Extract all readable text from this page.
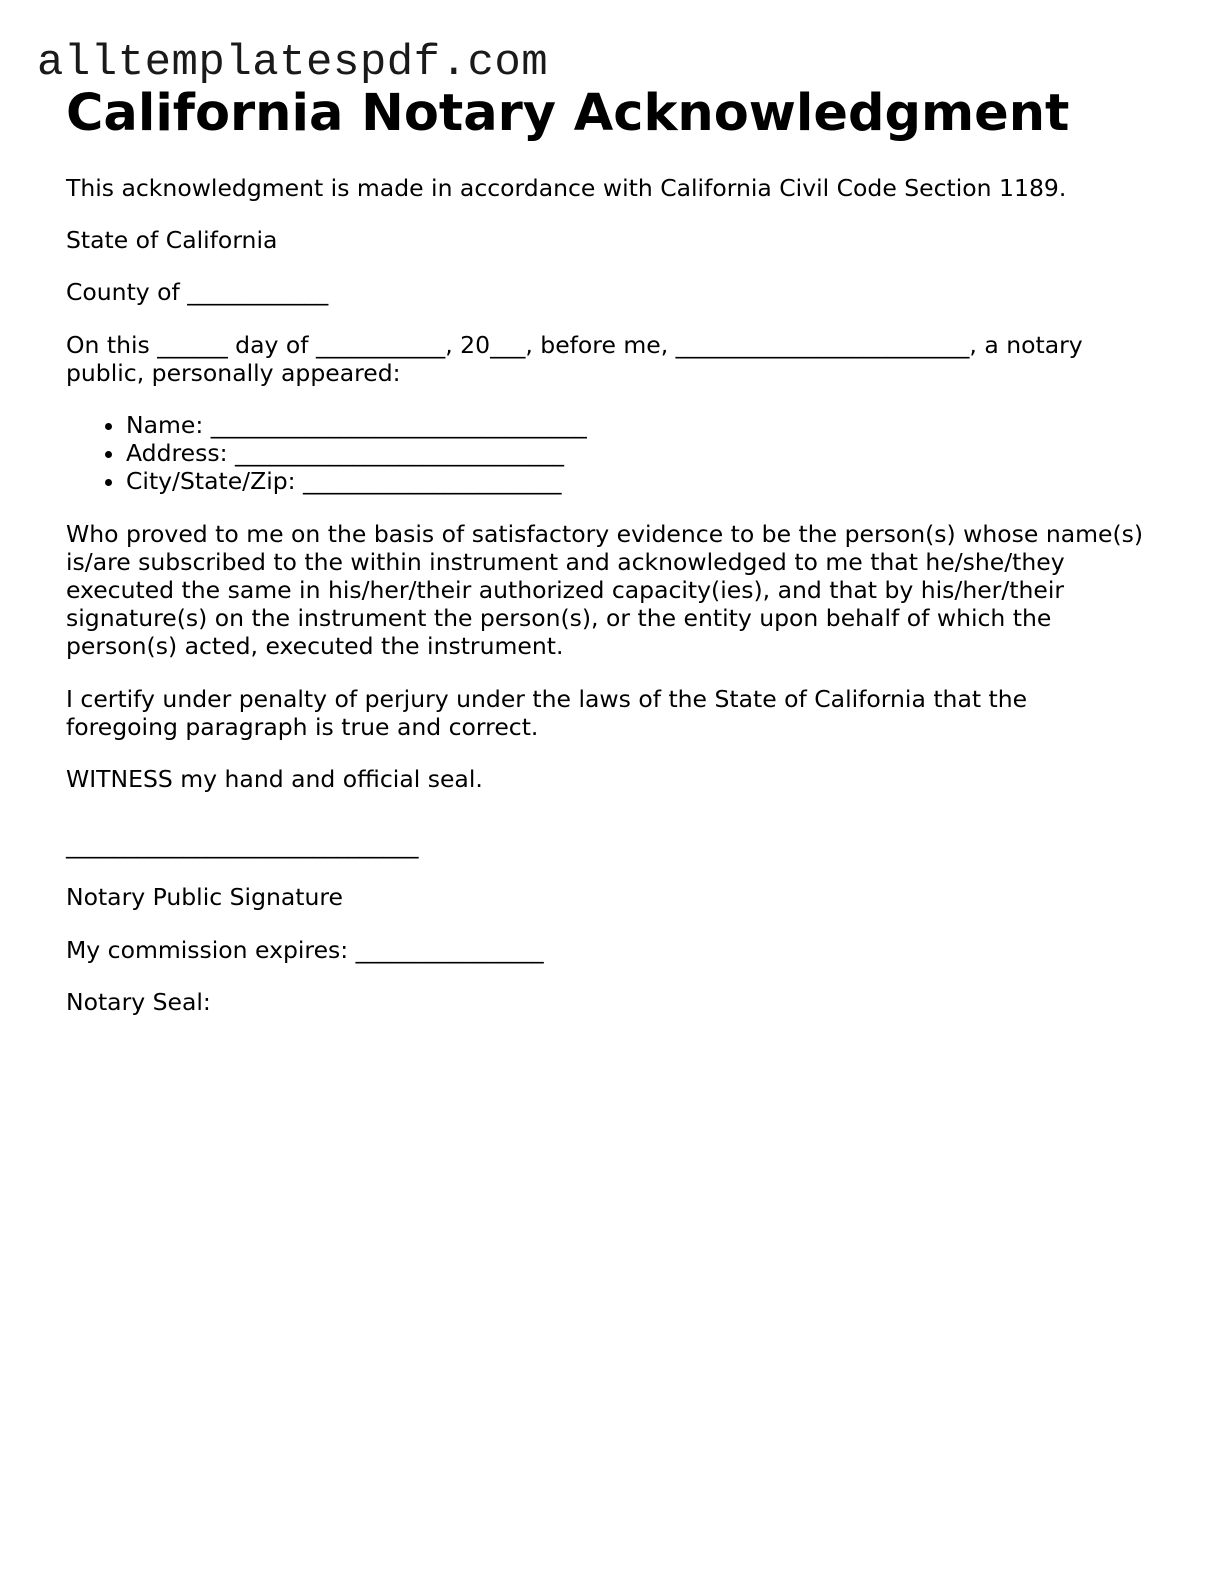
alltemplatespdf.com
California Notary Acknowledgment

This acknowledgment is made in accordance with California Civil Code Section 1189.

State of California

County of ____________

On this ______ day of ___________, 20___, before me, _________________________, a notary public, personally appeared:

• Name: ________________________________
• Address: ____________________________
• City/State/Zip: ______________________

Who proved to me on the basis of satisfactory evidence to be the person(s) whose name(s) is/are subscribed to the within instrument and acknowledged to me that he/she/they executed the same in his/her/their authorized capacity(ies), and that by his/her/their signature(s) on the instrument the person(s), or the entity upon behalf of which the person(s) acted, executed the instrument.

I certify under penalty of perjury under the laws of the State of California that the foregoing paragraph is true and correct.

WITNESS my hand and official seal.

______________________________

Notary Public Signature

My commission expires: ________________

Notary Seal:
